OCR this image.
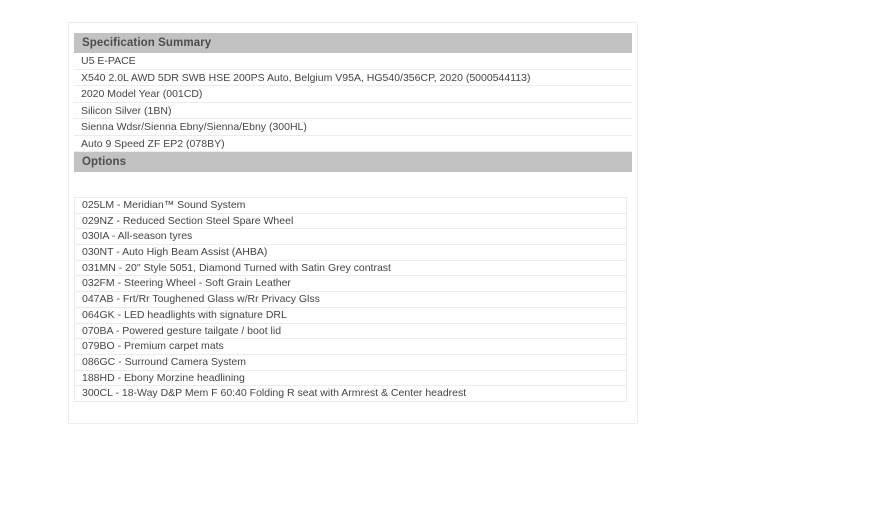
Specification Summary
U5 E-PACE
X540 2.0L AWD 5DR SWB HSE 200PS Auto, Belgium V95A, HG540/356CP, 2020 (5000544113)
2020 Model Year (001CD)
Silicon Silver (1BN)
Sienna Wdsr/Sienna Ebny/Sienna/Ebny (300HL)
Auto 9 Speed ZF EP2 (078BY)
Options
025LM - Meridian™ Sound System
029NZ - Reduced Section Steel Spare Wheel
030IA - All-season tyres
030NT - Auto High Beam Assist (AHBA)
031MN - 20" Style 5051, Diamond Turned with Satin Grey contrast
032FM - Steering Wheel - Soft Grain Leather
047AB - Frt/Rr Toughened Glass w/Rr Privacy Glss
064GK - LED headlights with signature DRL
070BA - Powered gesture tailgate / boot lid
079BO - Premium carpet mats
086GC - Surround Camera System
188HD - Ebony Morzine headlining
300CL - 18-Way D&P Mem F 60:40 Folding R seat with Armrest & Center headrest
